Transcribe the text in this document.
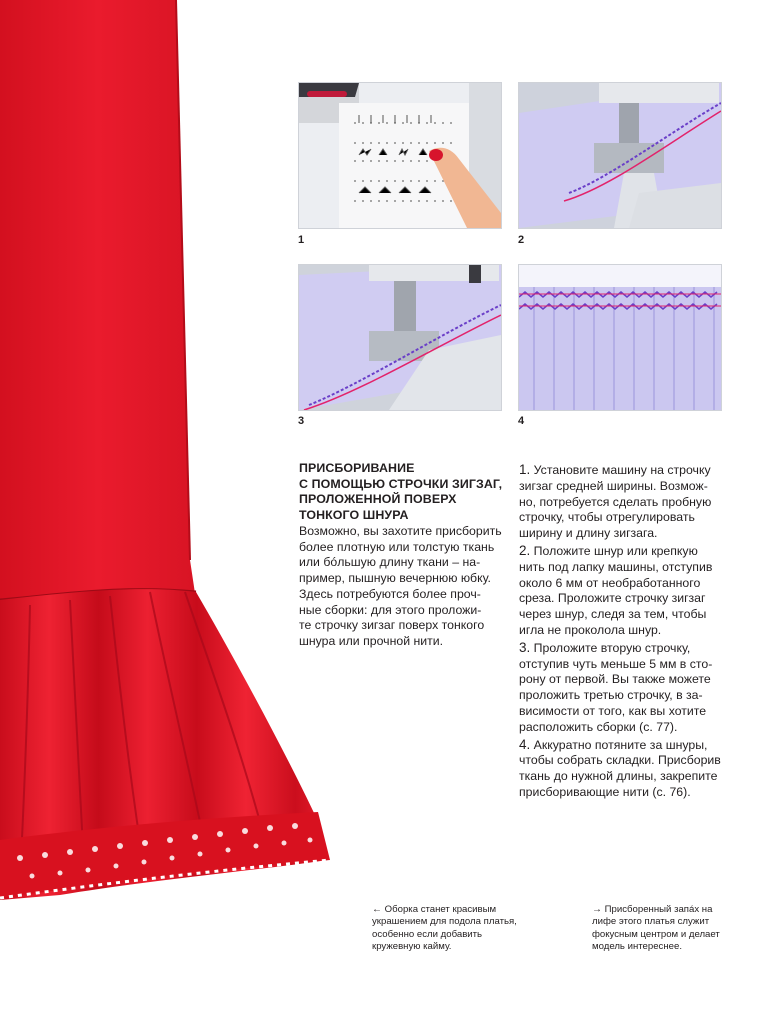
1	2
3	4
ПРИСБОРИВАНИЕ
С ПОМОЩЬЮ СТРОЧКИ ЗИГЗАГ,
ПРОЛОЖЕННОЙ ПОВЕРХ
ТОНКОГО ШНУРА
Возможно, вы захотите присборить
более плотную или толстую ткань
или бóльшую длину ткани – на-
пример, пышную вечернюю юбку.
Здесь потребуются более проч-
ные сборки: для этого проложи-
те строчку зигзаг поверх тонкого
шнура или прочной нити.
1. Установите машину на строчку
зигзаг средней ширины. Возмож-
но, потребуется сделать пробную
строчку, чтобы отрегулировать
ширину и длину зигзага.
2. Положите шнур или крепкую
нить под лапку машины, отступив
около 6 мм от необработанного
среза. Проложите строчку зигзаг
через шнур, следя за тем, чтобы
игла не проколола шнур.
3. Проложите вторую строчку,
отступив чуть меньше 5 мм в сто-
рону от первой. Вы также можете
проложить третью строчку, в за-
висимости от того, как вы хотите
расположить сборки (с. 77).
4. Аккуратно потяните за шнуры,
чтобы собрать складки. Присборив
ткань до нужной длины, закрепите
присборивающие нити (с. 76).
← Оборка станет красивым
украшением для подола платья,
особенно если добавить
кружевную кайму.
→ Присборенный запáх на
лифе этого платья служит
фокусным центром и делает
модель интереснее.
